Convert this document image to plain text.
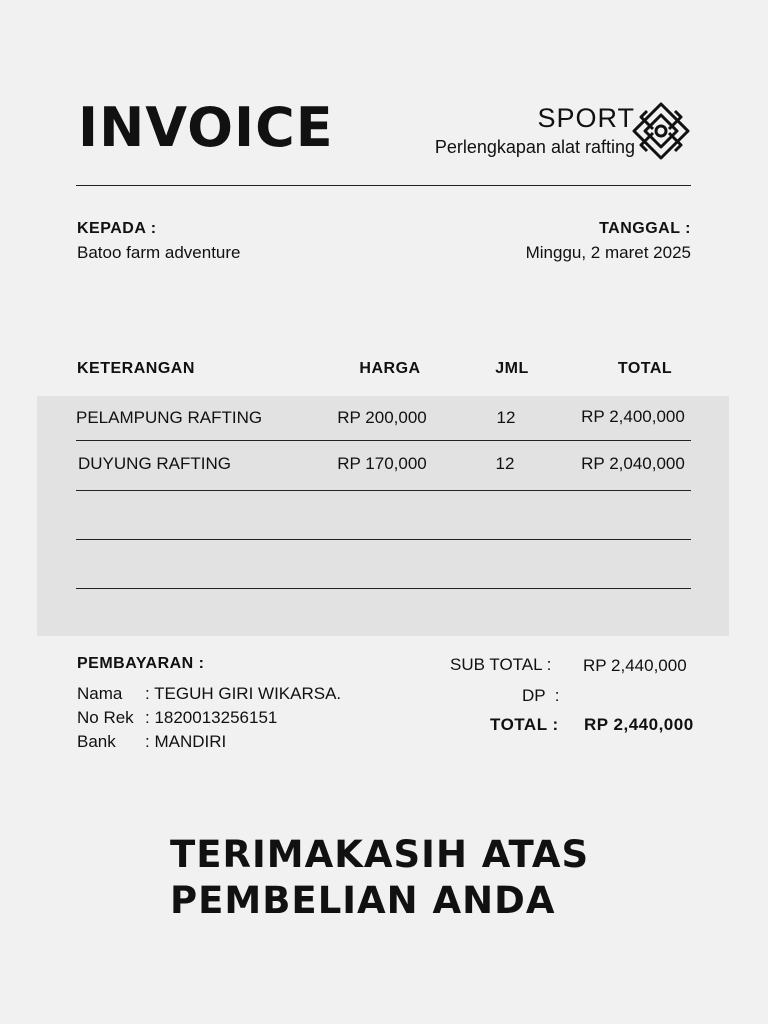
INVOICE	SPORT
Perlengkapan alat rafting
KEPADA :
Batoo farm adventure
TANGGAL :
Minggu, 2 maret 2025
KETERANGAN	HARGA	JML	TOTAL
PELAMPUNG RAFTING	RP 200,000	12	RP 2,400,000
DUYUNG RAFTING	RP 170,000	12	RP 2,040,000
PEMBAYARAN :
Nama : TEGUH GIRI WIKARSA.
No Rek : 1820013256151
Bank : MANDIRI
SUB TOTAL : RP 2,440,000
DP  :
TOTAL : RP 2,440,000
TERIMAKASIH ATAS
PEMBELIAN ANDA
